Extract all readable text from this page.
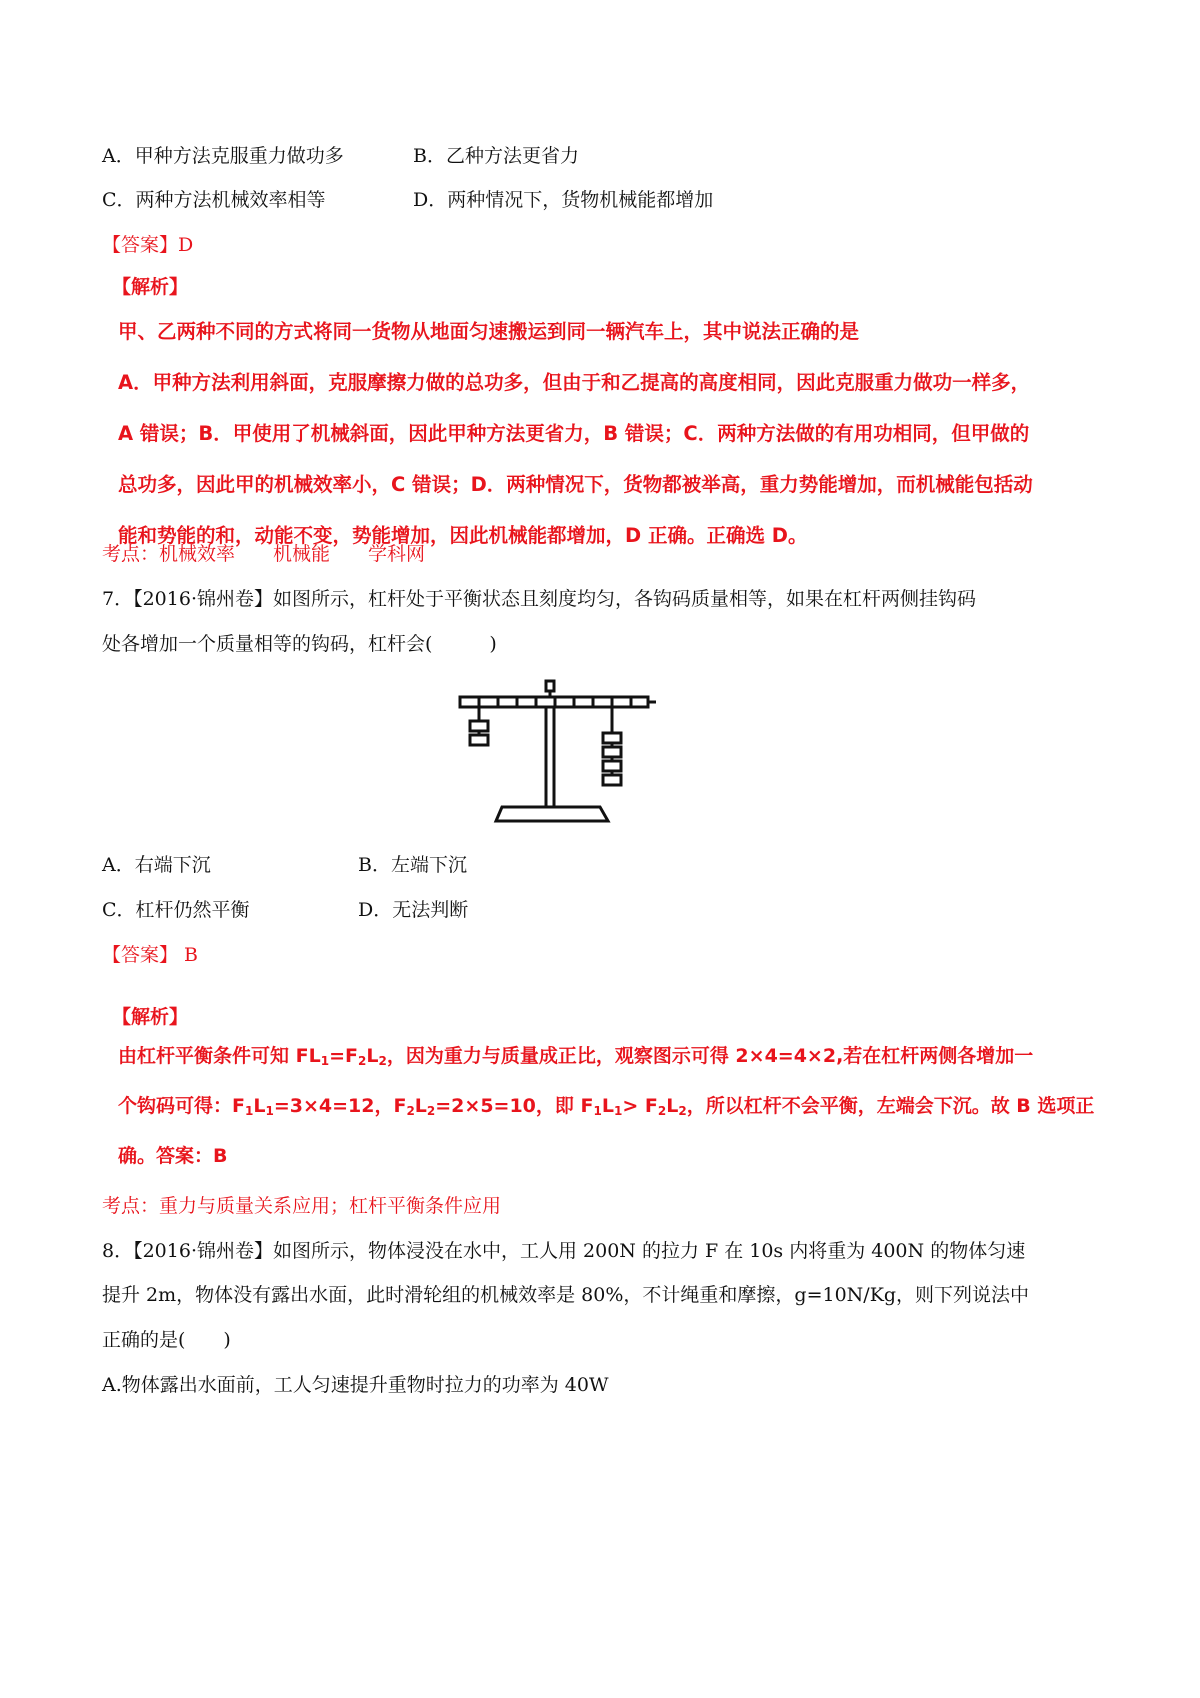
A．甲种方法克服重力做功多	B．乙种方法更省力
C．两种方法机械效率相等	D．两种情况下，货物机械能都增加
【答案】D
【解析】
甲、乙两种不同的方式将同一货物从地面匀速搬运到同一辆汽车上，其中说法正确的是
A．甲种方法利用斜面，克服摩擦力做的总功多，但由于和乙提高的高度相同，因此克服重力做功一样多，
A 错误；B．甲使用了机械斜面，因此甲种方法更省力，B 错误；C．两种方法做的有用功相同，但甲做的
总功多，因此甲的机械效率小，C 错误；D．两种情况下，货物都被举高，重力势能增加，而机械能包括动
能和势能的和，动能不变，势能增加，因此机械能都增加，D 正确。正确选 D。
考点：机械效率　　机械能　　学科网
7．【2016·锦州卷】如图所示，杠杆处于平衡状态且刻度均匀，各钩码质量相等，如果在杠杆两侧挂钩码
处各增加一个质量相等的钩码，杠杆会(　　　)
A．右端下沉	B．左端下沉
C．杠杆仍然平衡	D．无法判断
【答案】 B
【解析】
由杠杆平衡条件可知 $FL_1=F_2L_2$，因为重力与质量成正比，观察图示可得 2×4=4×2,若在杠杆两侧各增加一
个钩码可得：$F_1L_1=3\times 4=12$，$F_2L_2=2\times 5=10$，即 $F_1L_1> F_2L_2$，所以杠杆不会平衡，左端会下沉。故 B 选项正
确。答案：B
考点：重力与质量关系应用；杠杆平衡条件应用
8．【2016·锦州卷】如图所示，物体浸没在水中，工人用 200N 的拉力 F 在 10s 内将重为 400N 的物体匀速
提升 2m，物体没有露出水面，此时滑轮组的机械效率是 80%，不计绳重和摩擦，g=10N/Kg，则下列说法中
正确的是(　　)
A.物体露出水面前，工人匀速提升重物时拉力的功率为 40W
